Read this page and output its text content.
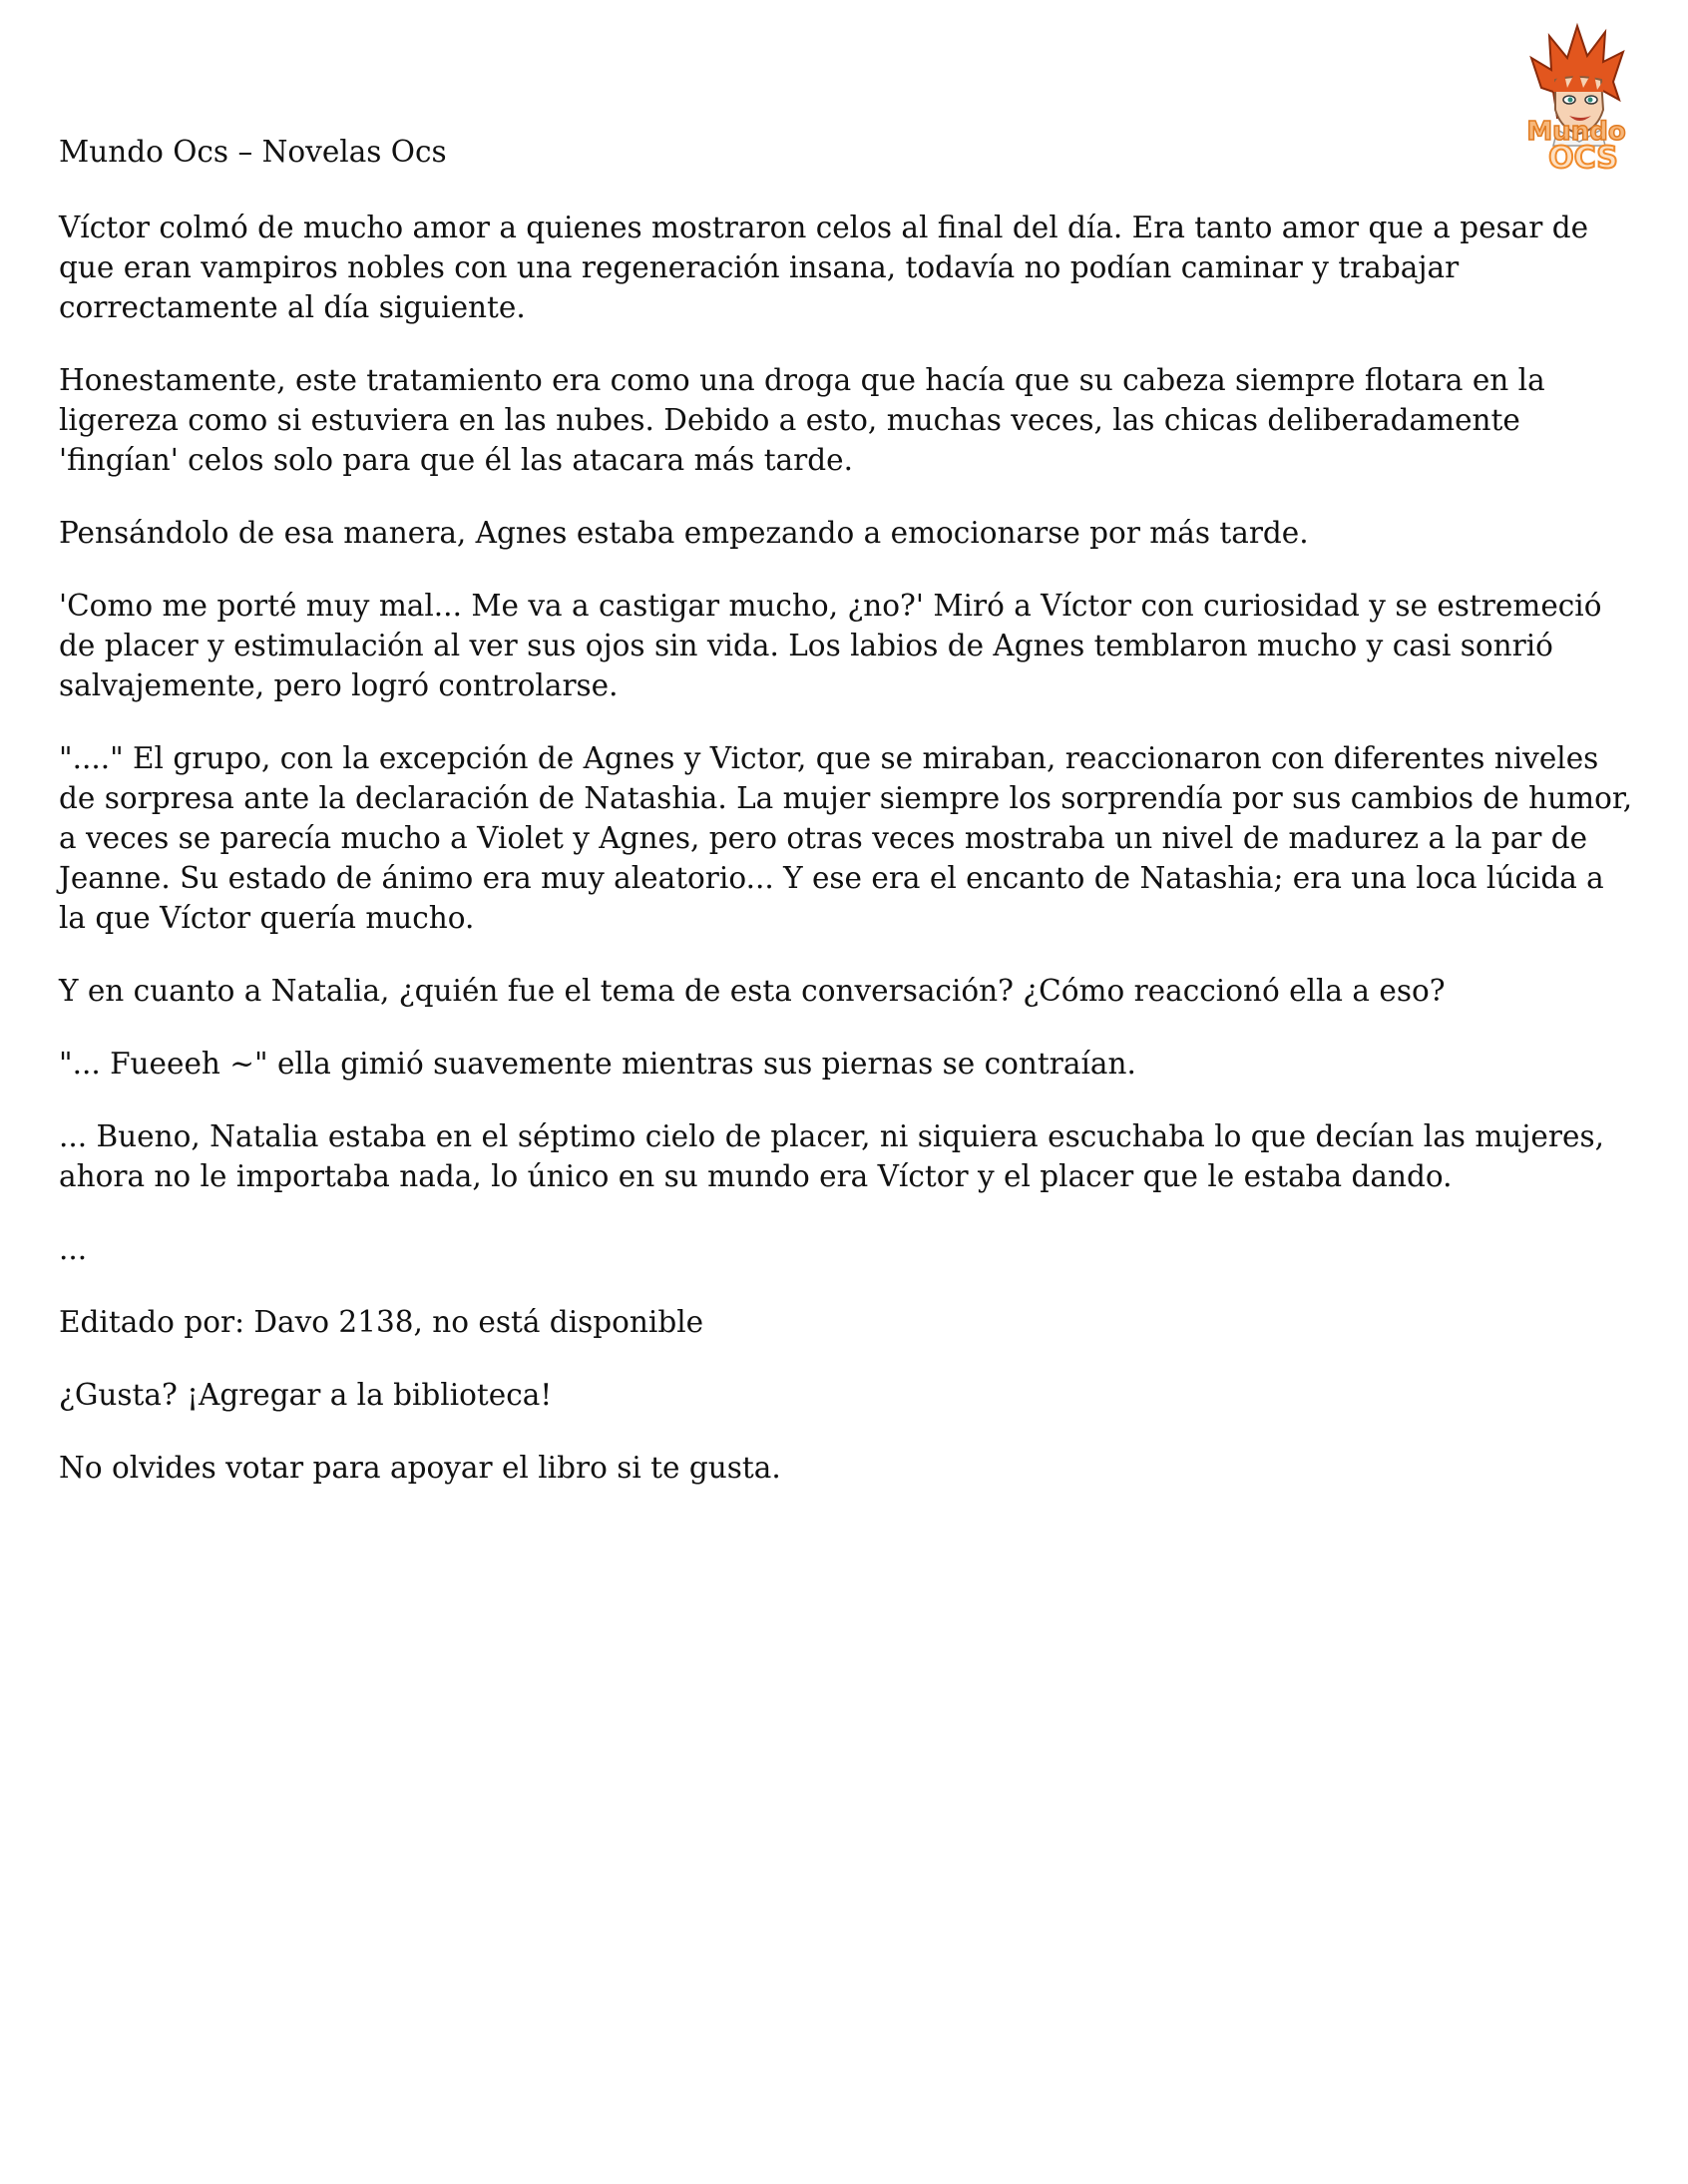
Mundo
OCS

Mundo Ocs – Novelas Ocs

Víctor colmó de mucho amor a quienes mostraron celos al final del día. Era tanto amor que a pesar de que eran vampiros nobles con una regeneración insana, todavía no podían caminar y trabajar correctamente al día siguiente.

Honestamente, este tratamiento era como una droga que hacía que su cabeza siempre flotara en la ligereza como si estuviera en las nubes. Debido a esto, muchas veces, las chicas deliberadamente 'fingían' celos solo para que él las atacara más tarde.

Pensándolo de esa manera, Agnes estaba empezando a emocionarse por más tarde.

'Como me porté muy mal... Me va a castigar mucho, ¿no?' Miró a Víctor con curiosidad y se estremeció de placer y estimulación al ver sus ojos sin vida. Los labios de Agnes temblaron mucho y casi sonrió salvajemente, pero logró controlarse.

"...." El grupo, con la excepción de Agnes y Victor, que se miraban, reaccionaron con diferentes niveles de sorpresa ante la declaración de Natashia. La mujer siempre los sorprendía por sus cambios de humor, a veces se parecía mucho a Violet y Agnes, pero otras veces mostraba un nivel de madurez a la par de Jeanne. Su estado de ánimo era muy aleatorio... Y ese era el encanto de Natashia; era una loca lúcida a la que Víctor quería mucho.

Y en cuanto a Natalia, ¿quién fue el tema de esta conversación? ¿Cómo reaccionó ella a eso?

"... Fueeeh ~" ella gimió suavemente mientras sus piernas se contraían.

... Bueno, Natalia estaba en el séptimo cielo de placer, ni siquiera escuchaba lo que decían las mujeres, ahora no le importaba nada, lo único en su mundo era Víctor y el placer que le estaba dando.

...

Editado por: Davo 2138, no está disponible

¿Gusta? ¡Agregar a la biblioteca!

No olvides votar para apoyar el libro si te gusta.
